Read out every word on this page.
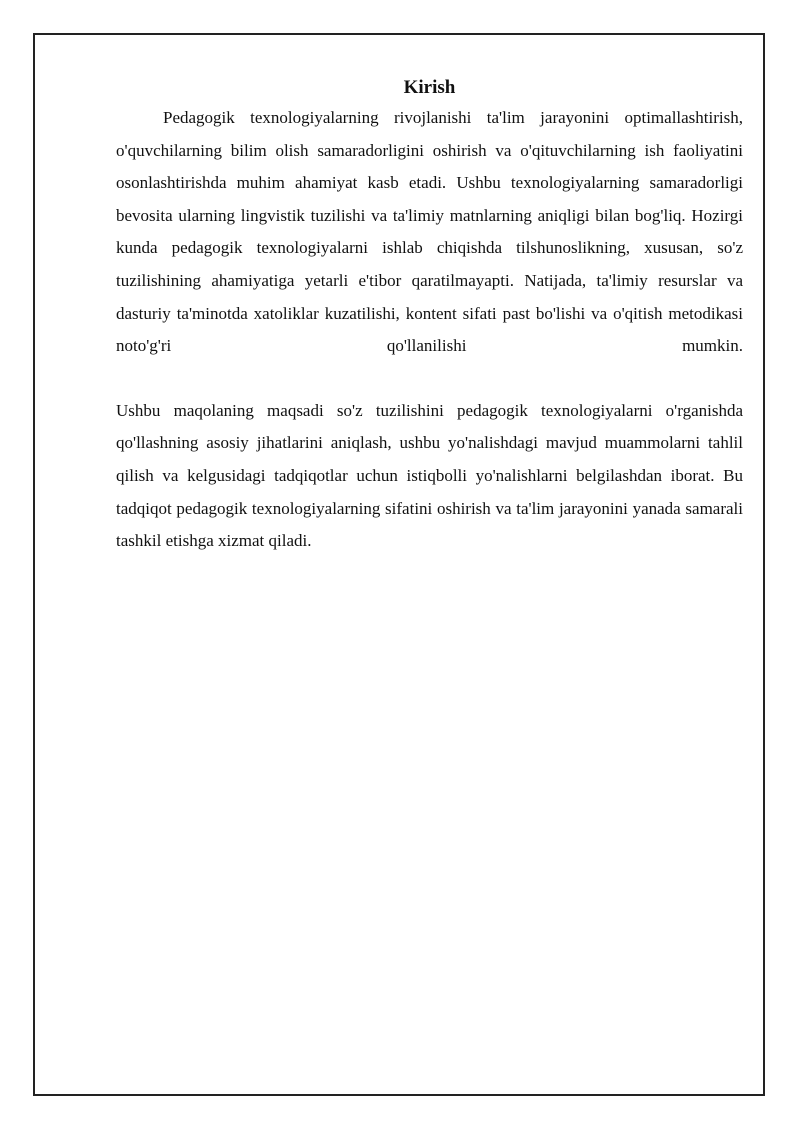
Kirish

Pedagogik texnologiyalarning rivojlanishi ta'lim jarayonini optimallashtirish, o'quvchilarning bilim olish samaradorligini oshirish va o'qituvchilarning ish faoliyatini osonlashtirishda muhim ahamiyat kasb etadi. Ushbu texnologiyalarning samaradorligi bevosita ularning lingvistik tuzilishi va ta'limiy matnlarning aniqligi bilan bog'liq. Hozirgi kunda pedagogik texnologiyalarni ishlab chiqishda tilshunoslikning, xususan, so'z tuzilishining ahamiyatiga yetarli e'tibor qaratilmayapti. Natijada, ta'limiy resurslar va dasturiy ta'minotda xatoliklar kuzatilishi, kontent sifati past bo'lishi va o'qitish metodikasi noto'g'ri qo'llanilishi mumkin.

Ushbu maqolaning maqsadi so'z tuzilishini pedagogik texnologiyalarni o'rganishda qo'llashning asosiy jihatlarini aniqlash, ushbu yo'nalishdagi mavjud muammolarni tahlil qilish va kelgusidagi tadqiqotlar uchun istiqbolli yo'nalishlarni belgilashdan iborat. Bu tadqiqot pedagogik texnologiyalarning sifatini oshirish va ta'lim jarayonini yanada samarali tashkil etishga xizmat qiladi.
